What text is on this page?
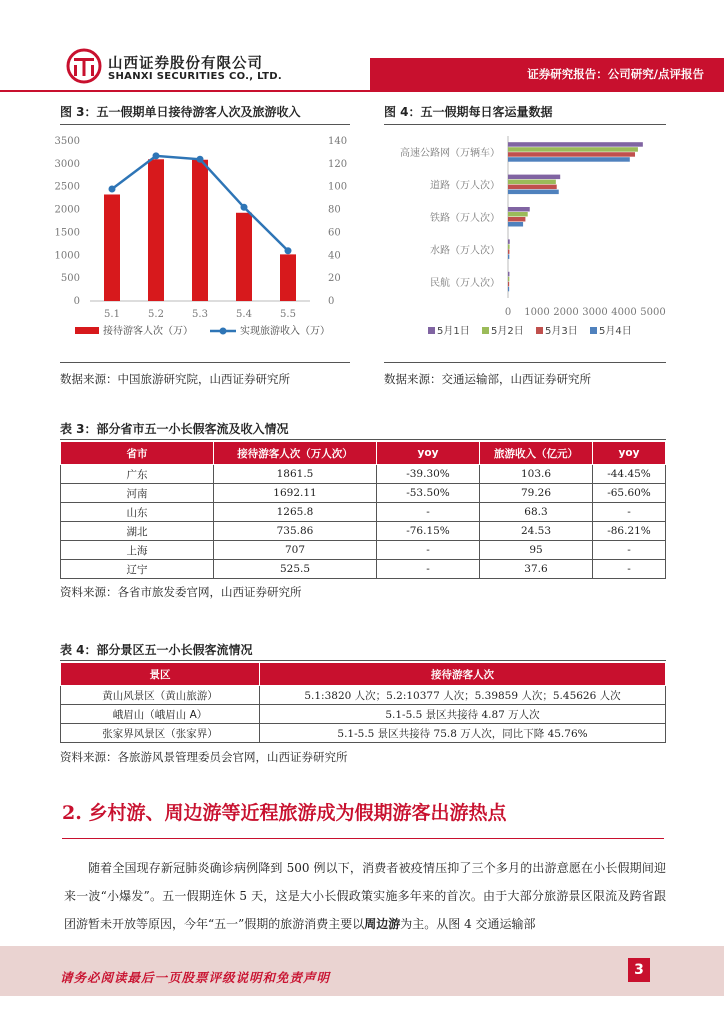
山西证券股份有限公司
SHANXI SECURITIES CO., LTD.	证券研究报告：公司研究/点评报告
图 3：五一假期单日接待游客人次及旅游收入
0
500
1000
1500
2000
2500
3000
3500
0
20
40
60
80
100
120
140
5.1	5.2	5.3	5.4	5.5
接待游客人次（万）	实现旅游收入（万）
数据来源：中国旅游研究院，山西证券研究所
图 4：五一假期每日客运量数据
0 1000 2000 3000 4000 5000
高速公路网（万辆车）
道路（万人次）
铁路（万人次）
水路（万人次）
民航（万人次）
5月1日 5月2日 5月3日 5月4日
数据来源：交通运输部，山西证券研究所
表 3：部分省市五一小长假客流及收入情况
省市	接待游客人次（万人次）	yoy	旅游收入（亿元）	yoy
广东	1861.5	-39.30%	103.6	-44.45%
河南	1692.11	-53.50%	79.26	-65.60%
山东	1265.8	-	68.3	-
湖北	735.86	-76.15%	24.53	-86.21%
上海	707	-	95	-
辽宁	525.5	-	37.6	-
资料来源：各省市旅发委官网，山西证券研究所
表 4：部分景区五一小长假客流情况
景区	接待游客人次
黄山风景区（黄山旅游）	5.1:3820 人次；5.2:10377 人次；5.39859 人次；5.45626 人次
峨眉山（峨眉山 A）	5.1-5.5 景区共接待 4.87 万人次
张家界风景区（张家界）	5.1-5.5 景区共接待 75.8 万人次，同比下降 45.76%
资料来源：各旅游风景管理委员会官网，山西证券研究所
2. 乡村游、周边游等近程旅游成为假期游客出游热点
随着全国现存新冠肺炎确诊病例降到 500 例以下，消费者被疫情压抑了三个多月的出游意愿在小长假期间迎来一波“小爆发”。五一假期连休 5 天，这是大小长假政策实施多年来的首次。由于大部分旅游景区限流及跨省跟团游暂未开放等原因，今年“五一”假期的旅游消费主要以周边游为主。从图 4 交通运输部
请务必阅读最后一页股票评级说明和免责声明	3
